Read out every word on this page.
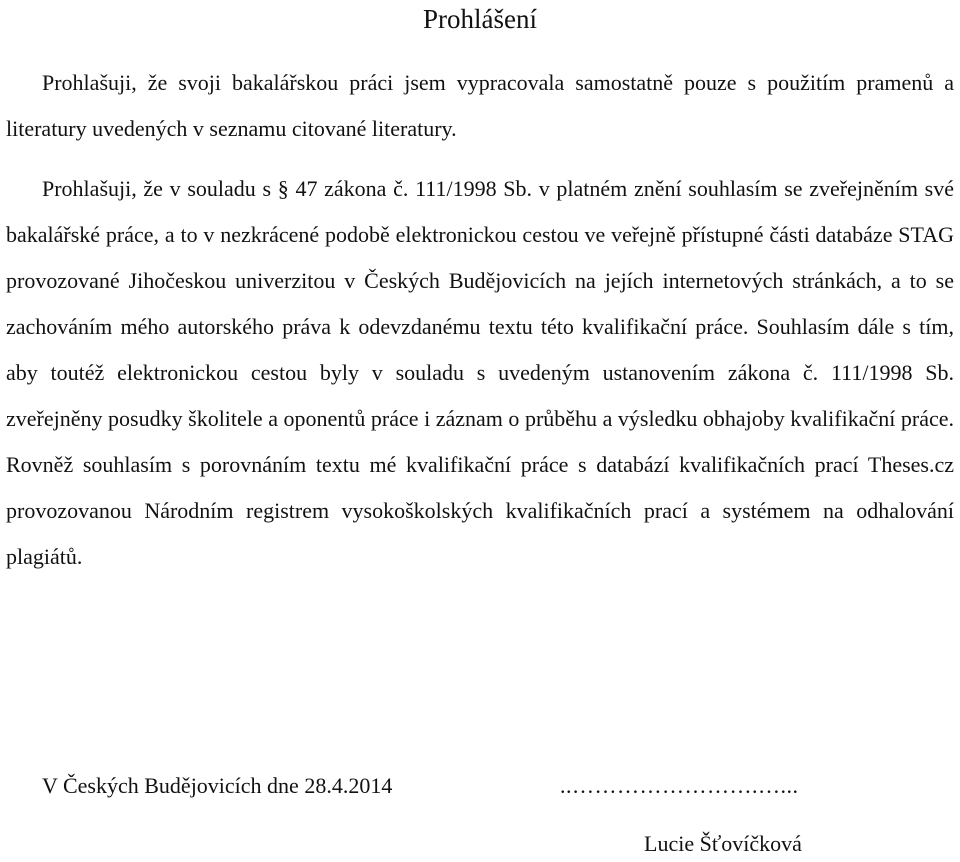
Prohlášení

Prohlašuji, že svoji bakalářskou práci jsem vypracovala samostatně pouze s použitím pramenů a literatury uvedených v seznamu citované literatury.

Prohlašuji, že v souladu s § 47 zákona č. 111/1998 Sb. v platném znění souhlasím se zveřejněním své bakalářské práce, a to v nezkrácené podobě elektronickou cestou ve veřejně přístupné části databáze STAG provozované Jihočeskou univerzitou v Českých Budějovicích na jejích internetových stránkách, a to se zachováním mého autorského práva k odevzdanému textu této kvalifikační práce. Souhlasím dále s tím, aby toutéž elektronickou cestou byly v souladu s uvedeným ustanovením zákona č. 111/1998 Sb. zveřejněny posudky školitele a oponentů práce i záznam o průběhu a výsledku obhajoby kvalifikační práce. Rovněž souhlasím s porovnáním textu mé kvalifikační práce s databází kvalifikačních prací Theses.cz provozovanou Národním registrem vysokoškolských kvalifikačních prací a systémem na odhalování plagiátů.

V Českých Budějovicích dne 28.4.2014	..…………………….…...
Lucie Šťovíčková
